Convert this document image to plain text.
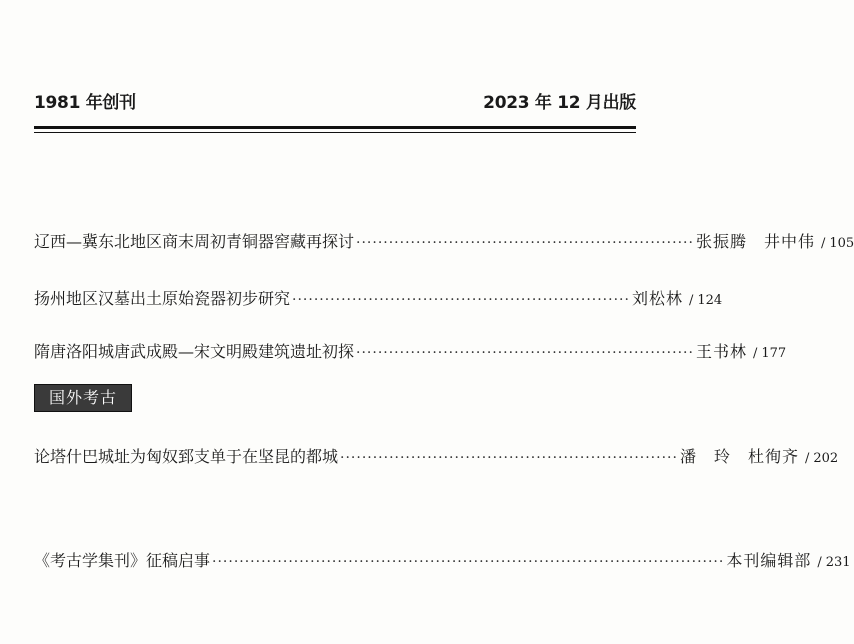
1981 年创刊	2023 年 12 月出版
辽西—冀东北地区商末周初青铜器窖藏再探讨 ······························································ 张振腾　井中伟 / 105
扬州地区汉墓出土原始瓷器初步研究 ······························································ 刘松林 / 124
隋唐洛阳城唐武成殿—宋文明殿建筑遗址初探 ······························································ 王书林 / 177
国外考古
论塔什巴城址为匈奴郅支单于在坚昆的都城 ······························································ 潘　玲　杜徇齐 / 202
《考古学集刊》征稿启事 ······························································································ 本刊编辑部 / 231
